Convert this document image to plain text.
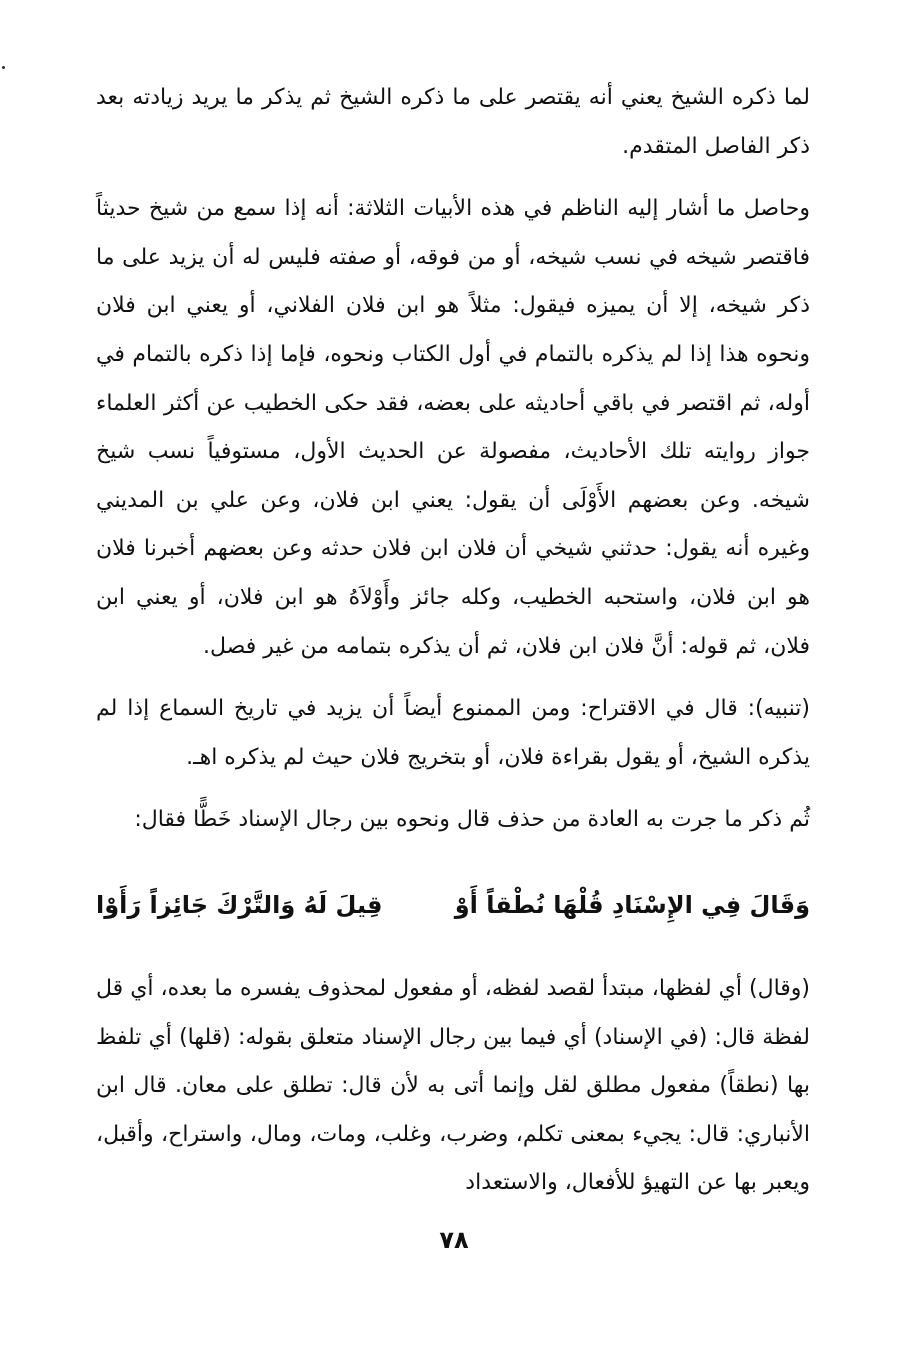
لما ذكره الشيخ يعني أنه يقتصر على ما ذكره الشيخ ثم يذكر ما يريد زيادته بعد ذكر الفاصل المتقدم.

وحاصل ما أشار إليه الناظم في هذه الأبيات الثلاثة: أنه إذا سمع من شيخ حديثاً فاقتصر شيخه في نسب شيخه، أو من فوقه، أو صفته فليس له أن يزيد على ما ذكر شيخه، إلا أن يميزه فيقول: مثلاً هو ابن فلان الفلاني، أو يعني ابن فلان ونحوه هذا إذا لم يذكره بالتمام في أول الكتاب ونحوه، فإما إذا ذكره بالتمام في أوله، ثم اقتصر في باقي أحاديثه على بعضه، فقد حكى الخطيب عن أكثر العلماء جواز روايته تلك الأحاديث، مفصولة عن الحديث الأول، مستوفياً نسب شيخ شيخه. وعن بعضهم الأَوْلَى أن يقول: يعني ابن فلان، وعن علي بن المديني وغيره أنه يقول: حدثني شيخي أن فلان ابن فلان حدثه وعن بعضهم أخبرنا فلان هو ابن فلان، واستحبه الخطيب، وكله جائز وأَوْلاَهُ هو ابن فلان، أو يعني ابن فلان، ثم قوله: أنَّ فلان ابن فلان، ثم أن يذكره بتمامه من غير فصل.

(تنبيه): قال في الاقتراح: ومن الممنوع أيضاً أن يزيد في تاريخ السماع إذا لم يذكره الشيخ، أو يقول بقراءة فلان، أو بتخريج فلان حيث لم يذكره اهـ.

ثُم ذكر ما جرت به العادة من حذف قال ونحوه بين رجال الإسناد خَطًّا فقال:

وَقَالَ فِي الإِسْنَادِ قُلْهَا نُطْقاً أَوْ
قِيلَ لَهُ وَالتَّرْكَ جَائِزاً رَأَوْا

(وقال) أي لفظها، مبتدأ لقصد لفظه، أو مفعول لمحذوف يفسره ما بعده، أي قل لفظة قال: (في الإسناد) أي فيما بين رجال الإسناد متعلق بقوله: (قلها) أي تلفظ بها (نطقاً) مفعول مطلق لقل وإنما أتى به لأن قال: تطلق على معان. قال ابن الأنباري: قال: يجيء بمعنى تكلم، وضرب، وغلب، ومات، ومال، واستراح، وأقبل، ويعبر بها عن التهيؤ للأفعال، والاستعداد

٧٨
